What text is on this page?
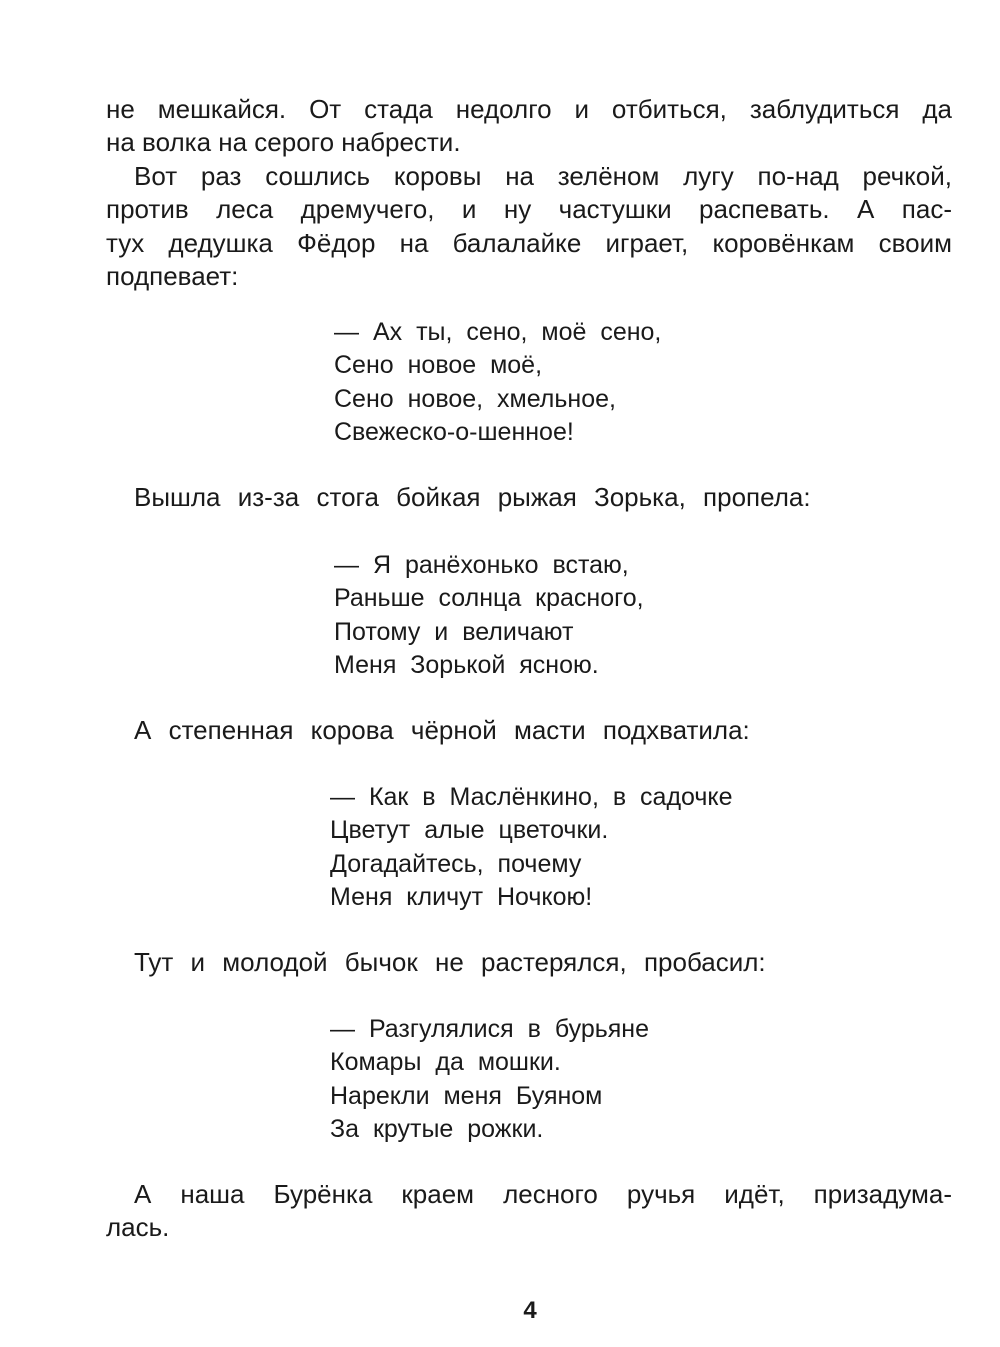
не мешкайся. От стада недолго и отбиться, заблудиться да
на волка на серого набрести.
Вот раз сошлись коровы на зелёном лугу по-над речкой,
против леса дремучего, и ну частушки распевать. А пас-
тух дедушка Фёдор на балалайке играет, коровёнкам своим
подпевает:
— Ах ты, сено, моё сено,
Сено новое моё,
Сено новое, хмельное,
Свежеско-о-шенное!

Вышла из-за стога бойкая рыжая Зорька, пропела:

— Я ранёхонько встаю,
Раньше солнца красного,
Потому и величают
Меня Зорькой ясною.

А степенная корова чёрной масти подхватила:

— Как в Маслёнкино, в садочке
Цветут алые цветочки.
Догадайтесь, почему
Меня кличут Ночкою!

Тут и молодой бычок не растерялся, пробасил:

— Разгулялися в бурьяне
Комары да мошки.
Нарекли меня Буяном
За крутые рожки.
А наша Бурёнка краем лесного ручья идёт, призадума-
лась.
4
